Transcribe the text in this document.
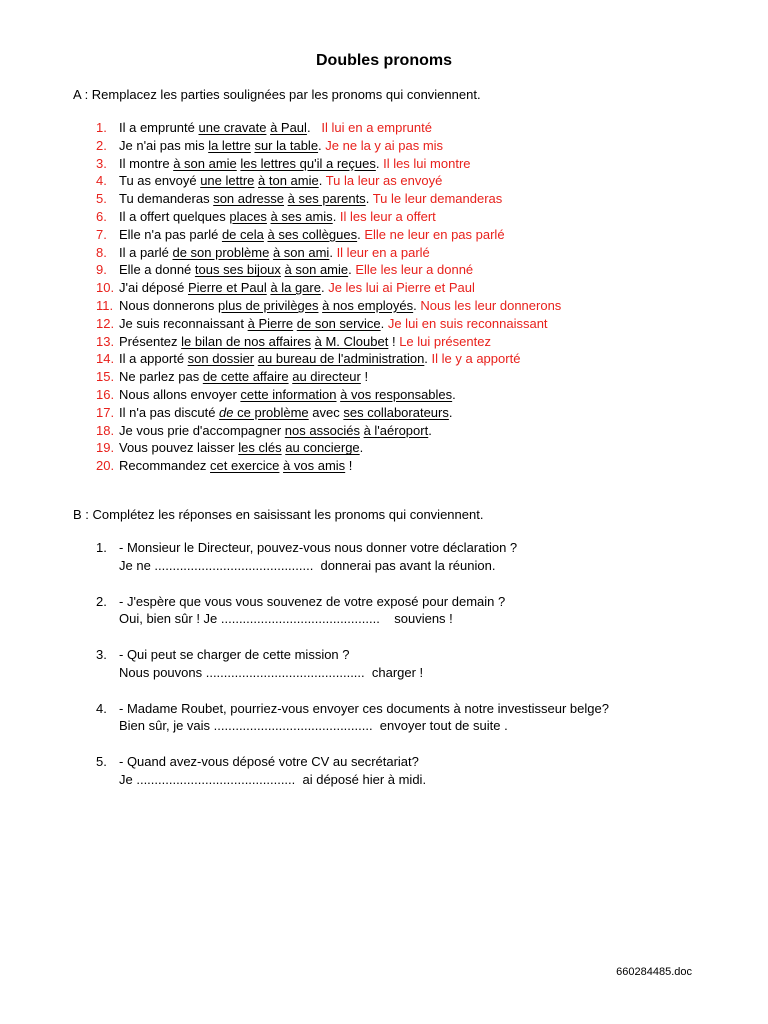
Doubles pronoms
A : Remplacez les parties soulignées par les pronoms qui conviennent.
1. Il a emprunté une cravate à Paul.   Il lui en a emprunté
2. Je n'ai pas mis la lettre sur la table. Je ne la y ai pas mis
3. Il montre à son amie les lettres qu'il a reçues. Il les lui montre
4. Tu as envoyé une lettre à ton amie. Tu la leur as envoyé
5. Tu demanderas son adresse à ses parents. Tu le leur demanderas
6. Il a offert quelques places à ses amis. Il les leur a offert
7. Elle n'a pas parlé de cela à ses collègues. Elle ne leur en pas parlé
8. Il a parlé de son problème à son ami. Il leur en a parlé
9. Elle a donné tous ses bijoux à son amie. Elle les leur a donné
10. J'ai déposé Pierre et Paul à la gare. Je les lui ai Pierre et Paul
11. Nous donnerons plus de privilèges à nos employés. Nous les leur donnerons
12. Je suis reconnaissant à Pierre de son service. Je lui en suis reconnaissant
13. Présentez le bilan de nos affaires à M. Cloubet ! Le lui présentez
14. Il a apporté son dossier au bureau de l'administration. Il le y a apporté
15. Ne parlez pas de cette affaire au directeur !
16. Nous allons envoyer cette information à vos responsables.
17. Il n'a pas discuté de ce problème avec ses collaborateurs.
18. Je vous prie d'accompagner nos associés à l'aéroport.
19. Vous pouvez laisser les clés au concierge.
20. Recommandez cet exercice à vos amis !
B : Complétez les réponses en saisissant les pronoms qui conviennent.
1. - Monsieur le Directeur, pouvez-vous nous donner votre déclaration ?
Je ne ............................................  donnerai pas avant la réunion.
2. - J'espère que vous vous souvenez de votre exposé pour demain ?
Oui, bien sûr ! Je ............................................    souviens !
3. - Qui peut se charger de cette mission ?
Nous pouvons ............................................  charger !
4. - Madame Roubet, pourriez-vous envoyer ces documents à notre investisseur belge?
Bien sûr, je vais ............................................  envoyer tout de suite .
5. - Quand avez-vous déposé votre CV au secrétariat?
Je ............................................  ai déposé hier à midi.
660284485.doc
